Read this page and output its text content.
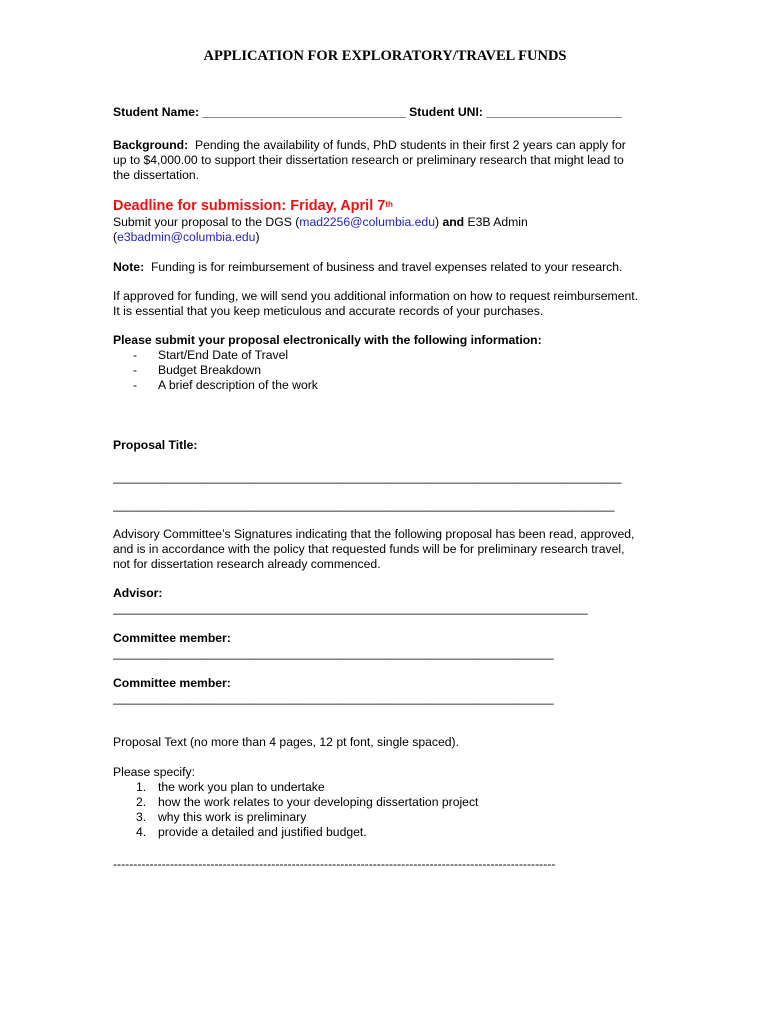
APPLICATION FOR EXPLORATORY/TRAVEL FUNDS
Student Name: ______________________________ Student UNI: ____________________
Background: Pending the availability of funds, PhD students in their first 2 years can apply for
up to $4,000.00 to support their dissertation research or preliminary research that might lead to
the dissertation.
Deadline for submission: Friday, April 7th
Submit your proposal to the DGS (mad2256@columbia.edu) and E3B Admin
(e3badmin@columbia.edu)
Note: Funding is for reimbursement of business and travel expenses related to your research.
If approved for funding, we will send you additional information on how to request reimbursement.
It is essential that you keep meticulous and accurate records of your purchases.
Please submit your proposal electronically with the following information:
- Start/End Date of Travel
- Budget Breakdown
- A brief description of the work
Proposal Title:
___________________________________________________________________________
__________________________________________________________________________
Advisory Committee’s Signatures indicating that the following proposal has been read, approved,
and is in accordance with the policy that requested funds will be for preliminary research travel,
not for dissertation research already commenced.
Advisor:
______________________________________________________________________
Committee member:
_________________________________________________________________
Committee member:
_________________________________________________________________
Proposal Text (no more than 4 pages, 12 pt font, single spaced).
Please specify:
1. the work you plan to undertake
2. how the work relates to your developing dissertation project
3. why this work is preliminary
4. provide a detailed and justified budget.
-------------------------------------------------------------------------------------------------------------
